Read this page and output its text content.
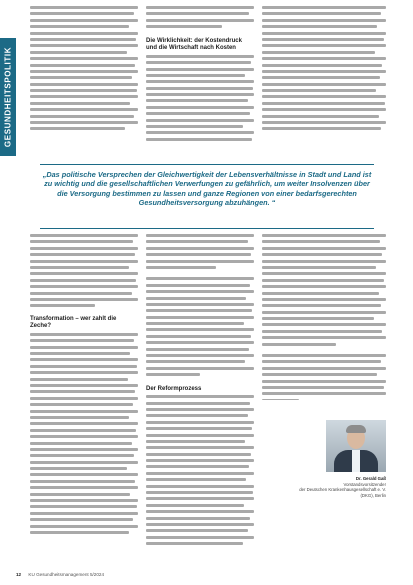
GESUNDHEITSPOLITIK
Die Wirklichkeit: der Kostendruck und die Wirtschaft nach Kosten
„Das politische Versprechen der Gleichwertigkeit der Lebensverhältnisse in Stadt und Land ist zu wichtig und die gesellschaftlichen Verwerfungen zu gefährlich, um weiter Insolvenzen über die Versorgung bestimmen zu lassen und ganze Regionen von einer bedarfsgerechten Gesundheitsversorgung abzuhängen. “
Transformation – wer zahlt die Zeche?
Der Reformprozess
Dr. Gerald Gaß
Vorstandsvorsitzender
der Deutschen Krankenhausgesellschaft e. V.
(DKG), Berlin
12 KU Gesundheitsmanagement 5/2024
